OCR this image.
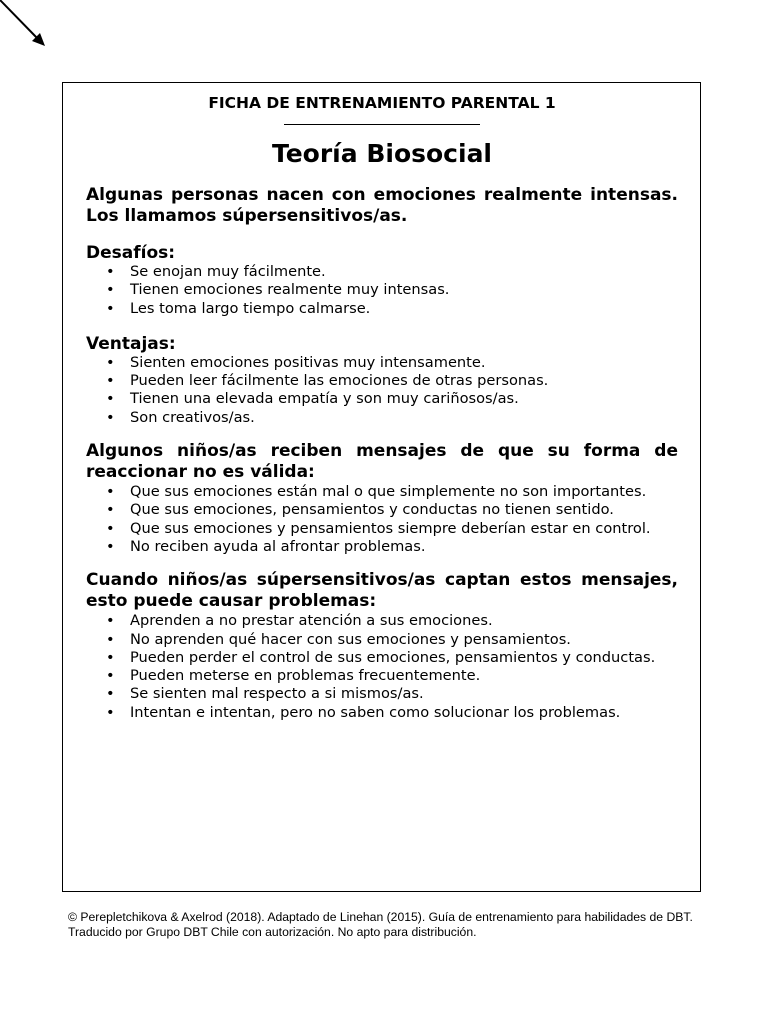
FICHA DE ENTRENAMIENTO PARENTAL 1

Teoría Biosocial

Algunas personas nacen con emociones realmente intensas. Los llamamos súpersensitivos/as.

Desafíos:

• Se enojan muy fácilmente.
• Tienen emociones realmente muy intensas.
• Les toma largo tiempo calmarse.

Ventajas:

• Sienten emociones positivas muy intensamente.
• Pueden leer fácilmente las emociones de otras personas.
• Tienen una elevada empatía y son muy cariñosos/as.
• Son creativos/as.

Algunos niños/as reciben mensajes de que su forma de reaccionar no es válida:

• Que sus emociones están mal o que simplemente no son importantes.
• Que sus emociones, pensamientos y conductas no tienen sentido.
• Que sus emociones y pensamientos siempre deberían estar en control.
• No reciben ayuda al afrontar problemas.

Cuando niños/as súpersensitivos/as captan estos mensajes, esto puede causar problemas:

• Aprenden a no prestar atención a sus emociones.
• No aprenden qué hacer con sus emociones y pensamientos.
• Pueden perder el control de sus emociones, pensamientos y conductas.
• Pueden meterse en problemas frecuentemente.
• Se sienten mal respecto a si mismos/as.
• Intentan e intentan, pero no saben como solucionar los problemas.

© Perepletchikova & Axelrod (2018). Adaptado de Linehan (2015). Guía de entrenamiento para habilidades de DBT. Traducido por Grupo DBT Chile con autorización. No apto para distribución.
